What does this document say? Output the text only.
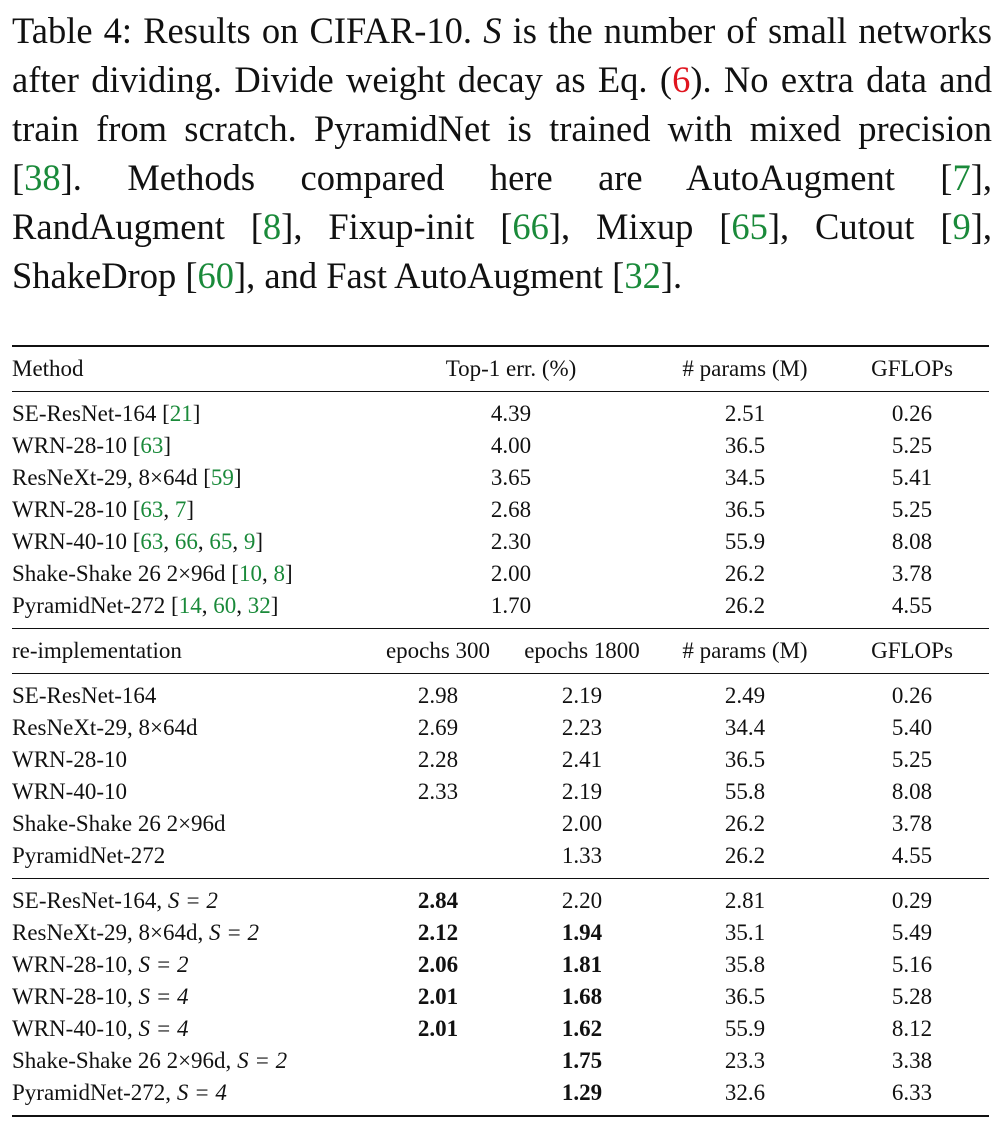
Table 4: Results on CIFAR-10. S is the number of small networks after dividing. Divide weight decay as Eq. (6). No extra data and train from scratch. PyramidNet is trained with mixed precision [38]. Methods compared here are AutoAugment [7], RandAugment [8], Fixup-init [66], Mixup [65], Cutout [9], ShakeDrop [60], and Fast AutoAugment [32].
Method	Top-1 err. (%)		# params (M)	GFLOPs
SE-ResNet-164 [21]	4.39		2.51	0.26
WRN-28-10 [63]	4.00		36.5	5.25
ResNeXt-29, 8×64d [59]	3.65		34.5	5.41
WRN-28-10 [63, 7]	2.68		36.5	5.25
WRN-40-10 [63, 66, 65, 9]	2.30		55.9	8.08
Shake-Shake 26 2×96d [10, 8]	2.00		26.2	3.78
PyramidNet-272 [14, 60, 32]	1.70		26.2	4.55
re-implementation	epochs 300	epochs 1800	# params (M)	GFLOPs
SE-ResNet-164	2.98	2.19	2.49	0.26
ResNeXt-29, 8×64d	2.69	2.23	34.4	5.40
WRN-28-10	2.28	2.41	36.5	5.25
WRN-40-10	2.33	2.19	55.8	8.08
Shake-Shake 26 2×96d		2.00	26.2	3.78
PyramidNet-272		1.33	26.2	4.55
SE-ResNet-164, S = 2	2.84	2.20	2.81	0.29
ResNeXt-29, 8×64d, S = 2	2.12	1.94	35.1	5.49
WRN-28-10, S = 2	2.06	1.81	35.8	5.16
WRN-28-10, S = 4	2.01	1.68	36.5	5.28
WRN-40-10, S = 4	2.01	1.62	55.9	8.12
Shake-Shake 26 2×96d, S = 2		1.75	23.3	3.38
PyramidNet-272, S = 4		1.29	32.6	6.33
